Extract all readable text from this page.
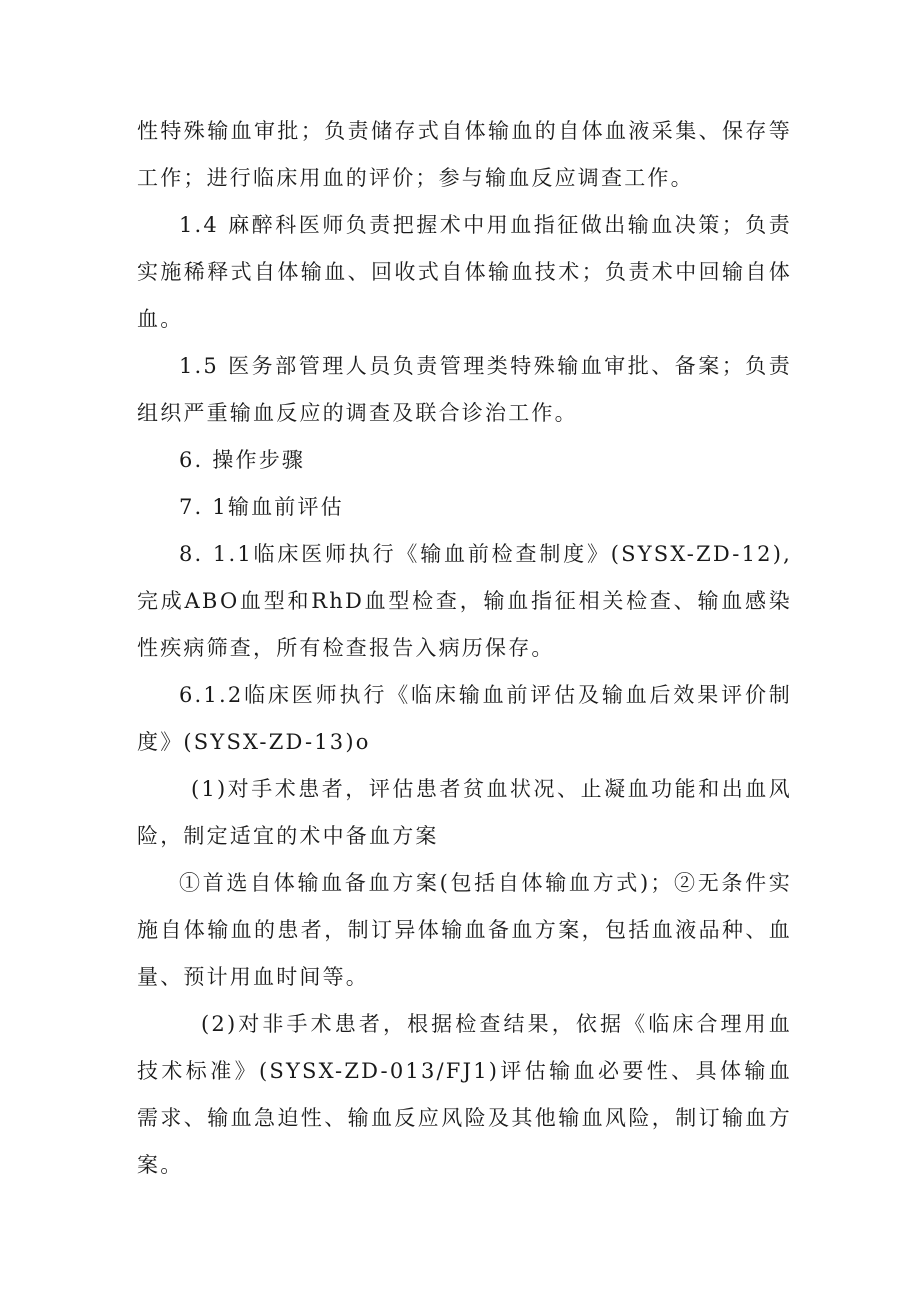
性特殊输血审批；负责储存式自体输血的自体血液采集、保存等工作；进行临床用血的评价；参与输血反应调查工作。

1.4 麻醉科医师负责把握术中用血指征做出输血决策；负责实施稀释式自体输血、回收式自体输血技术；负责术中回输自体血。

1.5 医务部管理人员负责管理类特殊输血审批、备案；负责组织严重输血反应的调查及联合诊治工作。

6. 操作步骤

7. 1输血前评估

8. 1.1临床医师执行《输血前检查制度》(SYSX-ZD-12),完成ABO血型和RhD血型检查，输血指征相关检查、输血感染性疾病筛查，所有检查报告入病历保存。

6.1.2临床医师执行《临床输血前评估及输血后效果评价制度》(SYSX-ZD-13)o

(1)对手术患者，评估患者贫血状况、止凝血功能和出血风险，制定适宜的术中备血方案

①首选自体输血备血方案(包括自体输血方式)；②无条件实施自体输血的患者，制订异体输血备血方案，包括血液品种、血量、预计用血时间等。

(2)对非手术患者，根据检查结果，依据《临床合理用血技术标准》(SYSX-ZD-013/FJ1)评估输血必要性、具体输血需求、输血急迫性、输血反应风险及其他输血风险，制订输血方案。
